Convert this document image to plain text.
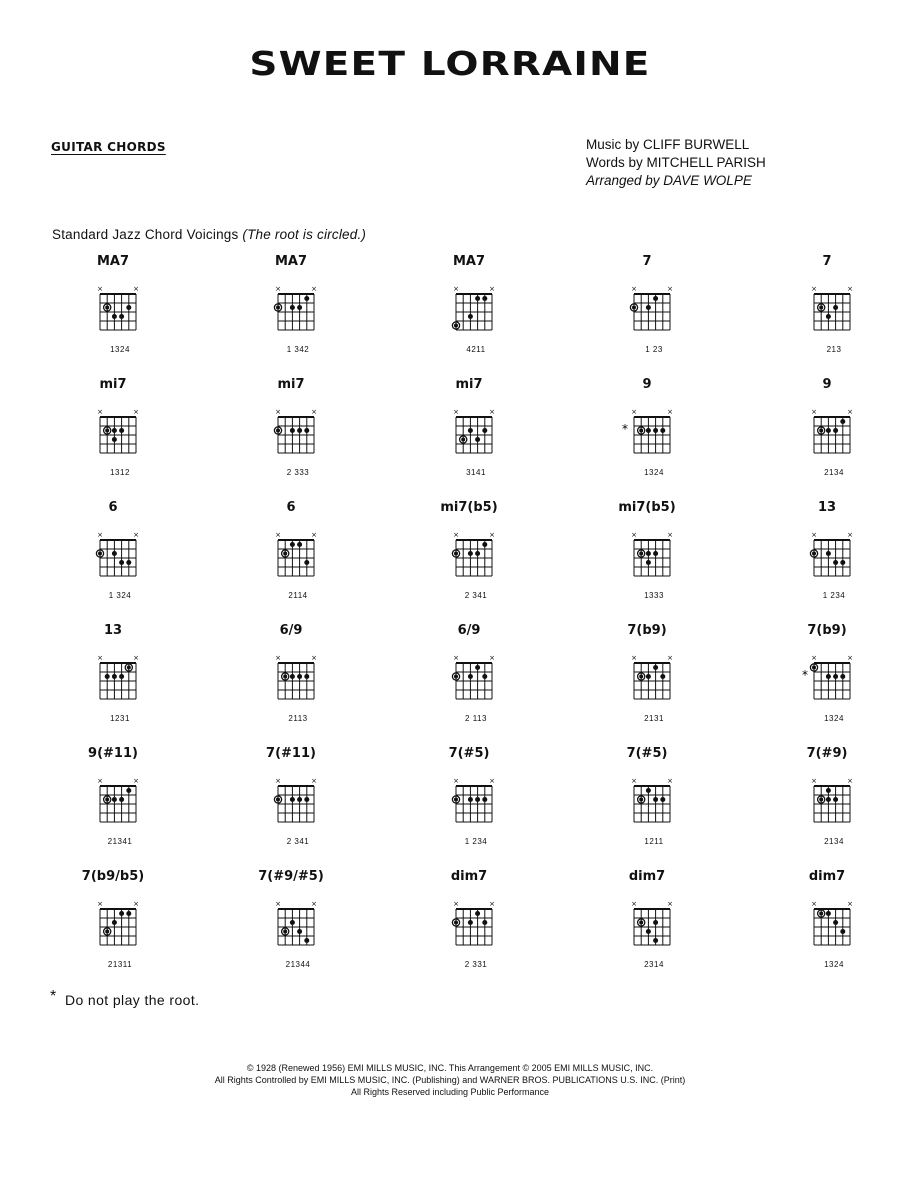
SWEET LORRAINE
GUITAR CHORDS	Music by CLIFF BURWELL
Words by MITCHELL PARISH
Arranged by DAVE WOLPE
Standard Jazz Chord Voicings (The root is circled.)
×	×
MA7
1324
×	×
MA7
1 342
×	×
MA7
4211
×	×
7
1 23
×	×
7
213
×	×
mi7
1312
×	×
mi7
2 333
×	×
mi7
3141
×	×
*
9
1324
×	×
9
2134
×	×
6
1 324
×	×
6
2114
×	×
mi7(b5)
2 341
×	×
mi7(b5)
1333
×	×
13
1 234
×	×
13
1231
×	×
6/9
2113
×	×
6/9
2 113
×	×
7(b9)
2131
×	×
*
7(b9)
1324
×	×
9(#11)
21341
×	×
7(#11)
2 341
×	×
7(#5)
1 234
×	×
7(#5)
1211
×	×
7(#9)
2134
×	×
7(b9/b5)
21311
×	×
7(#9/#5)
21344
×	×
dim7
2 331
×	×
dim7
2314
×	×
dim7
1324
* Do not play the root.
© 1928 (Renewed 1956) EMI MILLS MUSIC, INC. This Arrangement © 2005 EMI MILLS MUSIC, INC.
All Rights Controlled by EMI MILLS MUSIC, INC. (Publishing) and WARNER BROS. PUBLICATIONS U.S. INC. (Print)
All Rights Reserved including Public Performance
